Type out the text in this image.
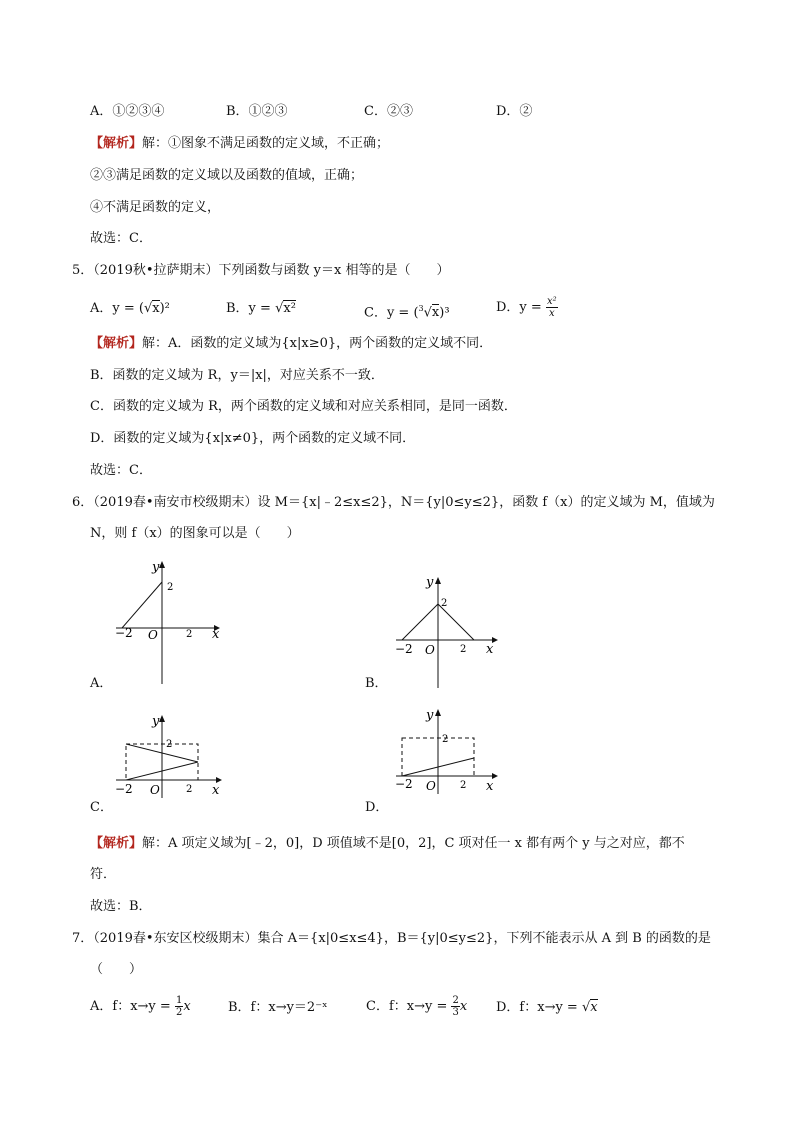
A．①②③④	B．①②③	C．②③	D．②
【解析】解：①图象不满足函数的定义域，不正确；
②③满足函数的定义域以及函数的值域，正确；
④不满足函数的定义，
故选：C．
5．（2019秋•拉萨期末）下列函数与函数 y＝x 相等的是（　　）
A．y = (√x)²	B．y = √x²	C．y = ($^3$√x)³	D．$y = \frac{\text{x²}}{x}$
【解析】解：A．函数的定义域为{x|x≥0}，两个函数的定义域不同．
B．函数的定义域为 R，y＝|x|，对应关系不一致．
C．函数的定义域为 R，两个函数的定义域和对应关系相同，是同一函数．
D．函数的定义域为{x|x≠0}，两个函数的定义域不同．
故选：C．
6．（2019春•南安市校级期末）设 M＝{x|﹣2≤x≤2}，N＝{y|0≤y≤2}，函数 f（x）的定义域为 M，值域为
N，则 f（x）的图象可以是（　　）
y
2
−2 O	2 x
A．
y
2
−2 O	2 x
B．
y
2
−2 O	2 x
C．
y
2
−2 O 2 x
D．
【解析】解：A 项定义域为[﹣2，0]，D 项值域不是[0，2]，C 项对任一 x 都有两个 y 与之对应，都不
符．
故选：B．
7．（2019春•东安区校级期末）集合 A＝{x|0≤x≤4}，B＝{y|0≤y≤2}，下列不能表示从 A 到 B 的函数的是
（　　）
A．f：$x\to y = \frac{1}{2}$ x	B．f：x→y＝2⁻ˣ	C．f：$x\to y = \frac{2}{3}$ x D．f：x→y = √x
